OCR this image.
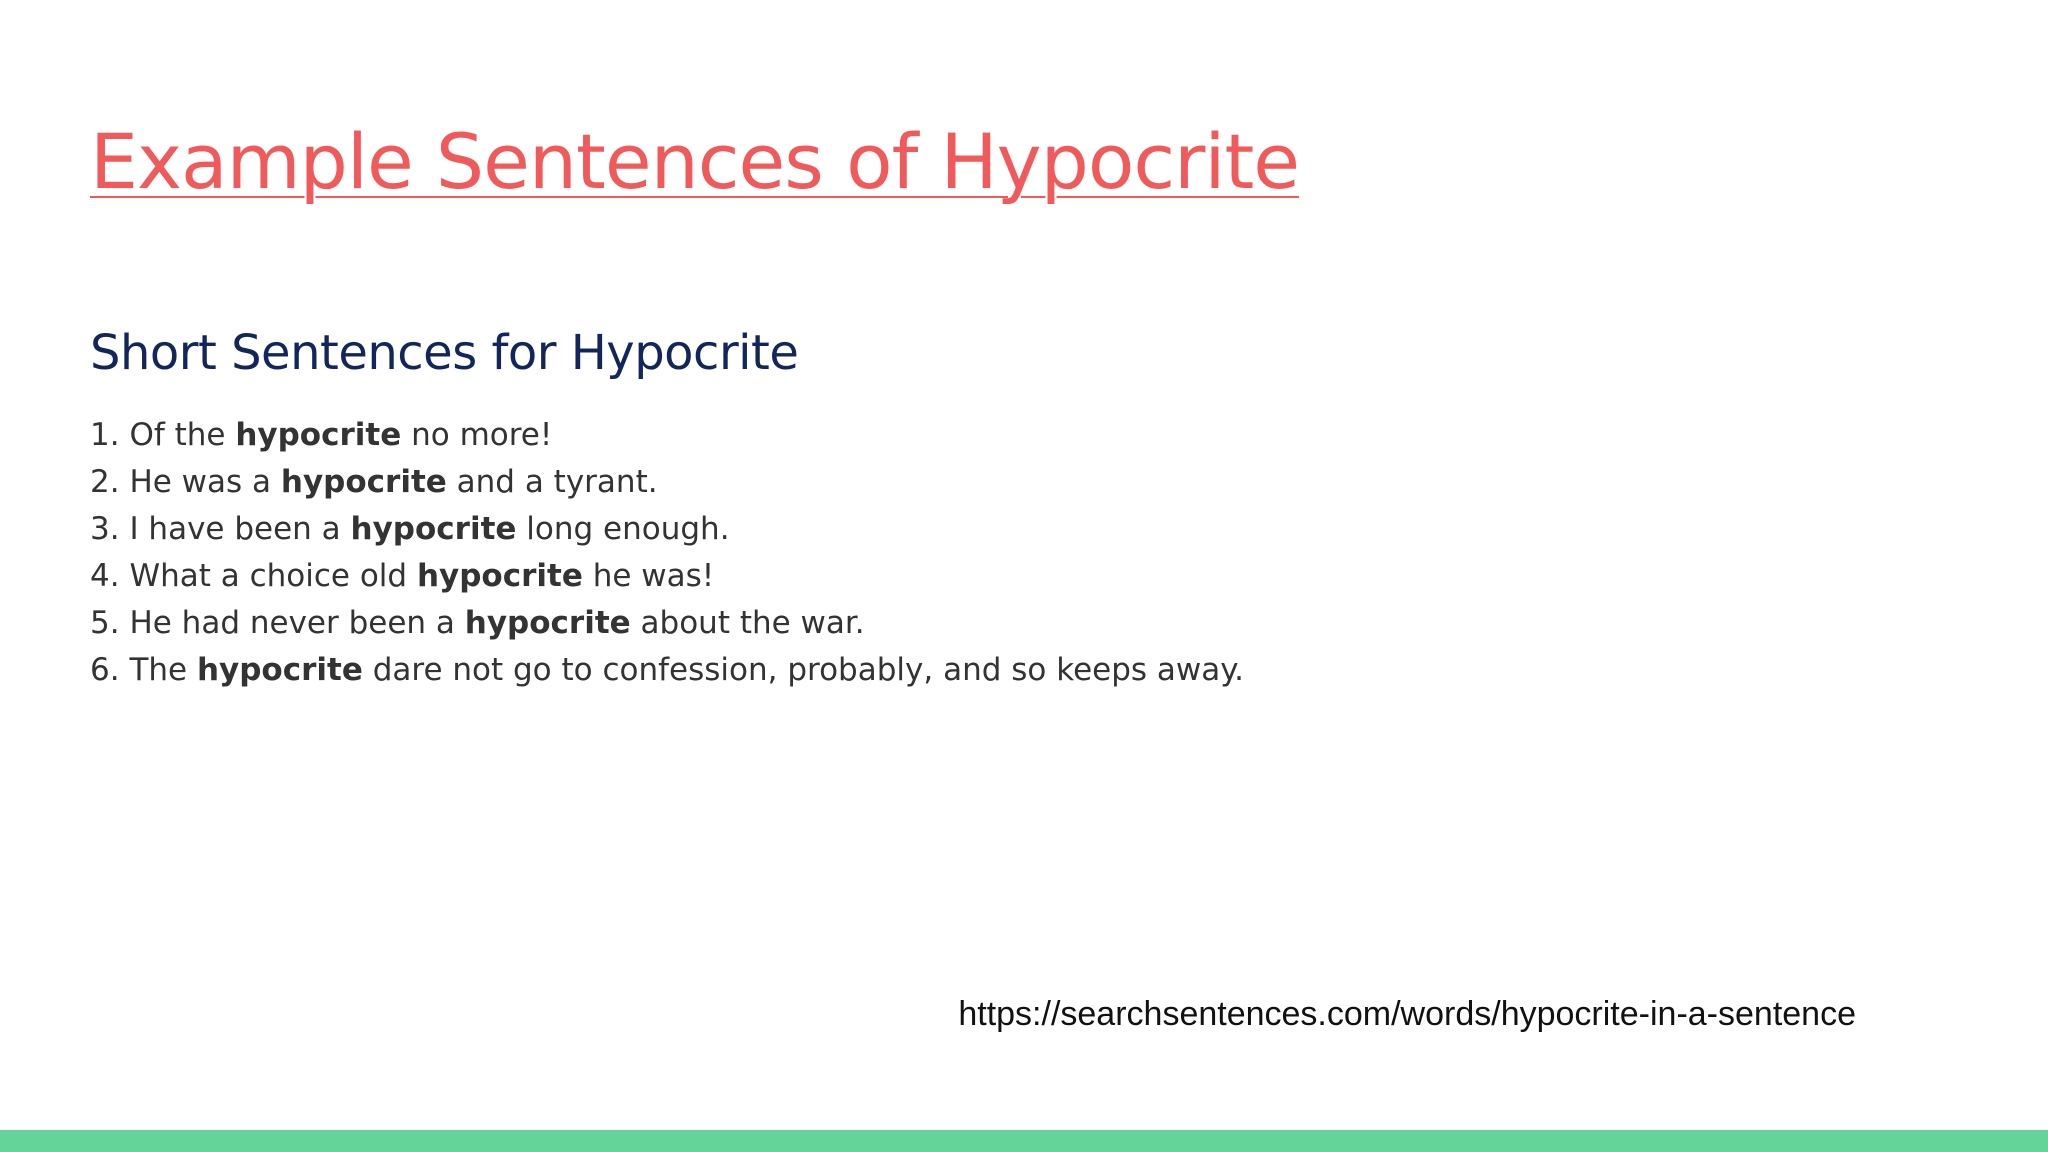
Example Sentences of Hypocrite
Short Sentences for Hypocrite
1. Of the hypocrite no more!
2. He was a hypocrite and a tyrant.
3. I have been a hypocrite long enough.
4. What a choice old hypocrite he was!
5. He had never been a hypocrite about the war.
6. The hypocrite dare not go to confession, probably, and so keeps away.
https://searchsentences.com/words/hypocrite-in-a-sentence
